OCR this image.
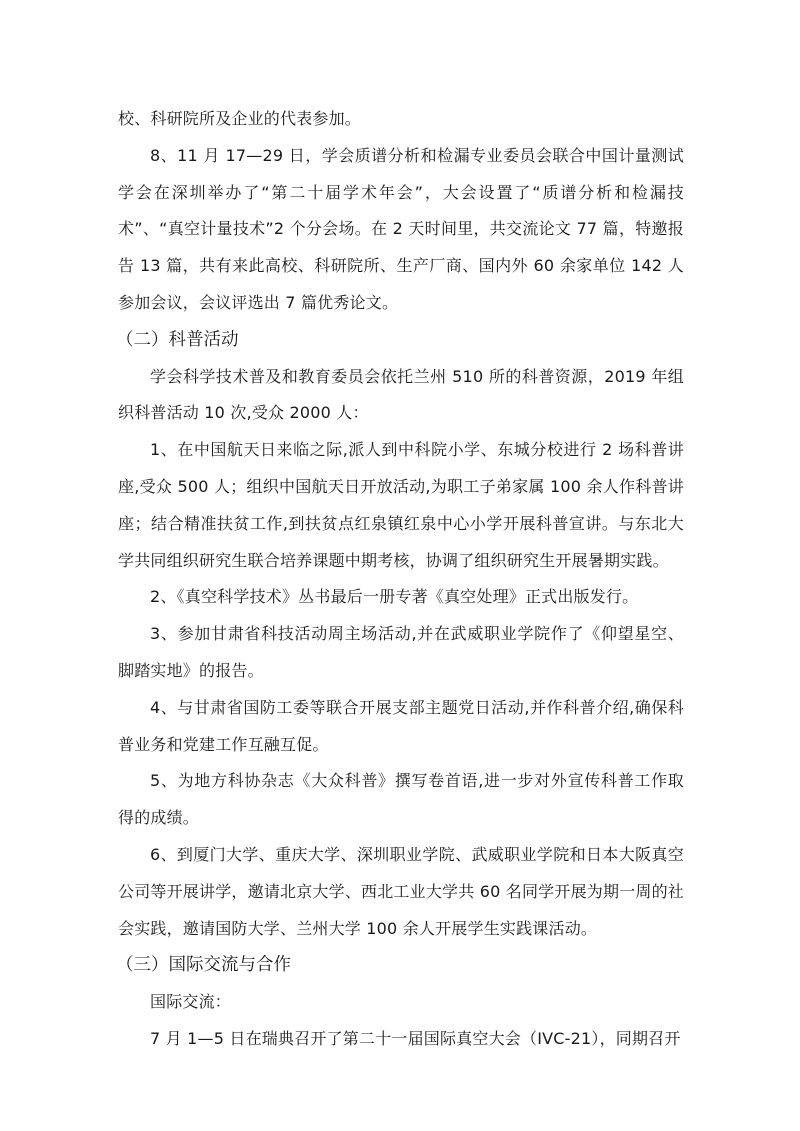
校、科研院所及企业的代表参加。

8、11 月 17—29 日，学会质谱分析和检漏专业委员会联合中国计量测试学会在深圳举办了“第二十届学术年会”，大会设置了“质谱分析和检漏技术”、“真空计量技术”2 个分会场。在 2 天时间里，共交流论文 77 篇，特邀报告 13 篇，共有来此高校、科研院所、生产厂商、国内外 60 余家单位 142 人参加会议，会议评选出 7 篇优秀论文。

（二）科普活动

学会科学技术普及和教育委员会依托兰州 510 所的科普资源，2019 年组织科普活动 10 次,受众 2000 人：

1、在中国航天日来临之际,派人到中科院小学、东城分校进行 2 场科普讲座,受众 500 人；组织中国航天日开放活动,为职工子弟家属 100 余人作科普讲座；结合精准扶贫工作,到扶贫点红泉镇红泉中心小学开展科普宣讲。与东北大学共同组织研究生联合培养课题中期考核，协调了组织研究生开展暑期实践。

2、《真空科学技术》丛书最后一册专著《真空处理》正式出版发行。

3、参加甘肃省科技活动周主场活动,并在武威职业学院作了《仰望星空、脚踏实地》的报告。

4、与甘肃省国防工委等联合开展支部主题党日活动,并作科普介绍,确保科普业务和党建工作互融互促。

5、为地方科协杂志《大众科普》撰写卷首语,进一步对外宣传科普工作取得的成绩。

6、到厦门大学、重庆大学、深圳职业学院、武威职业学院和日本大阪真空公司等开展讲学，邀请北京大学、西北工业大学共 60 名同学开展为期一周的社会实践，邀请国防大学、兰州大学 100 余人开展学生实践课活动。

（三）国际交流与合作

国际交流：

7 月 1—5 日在瑞典召开了第二十一届国际真空大会（IVC-21），同期召开
